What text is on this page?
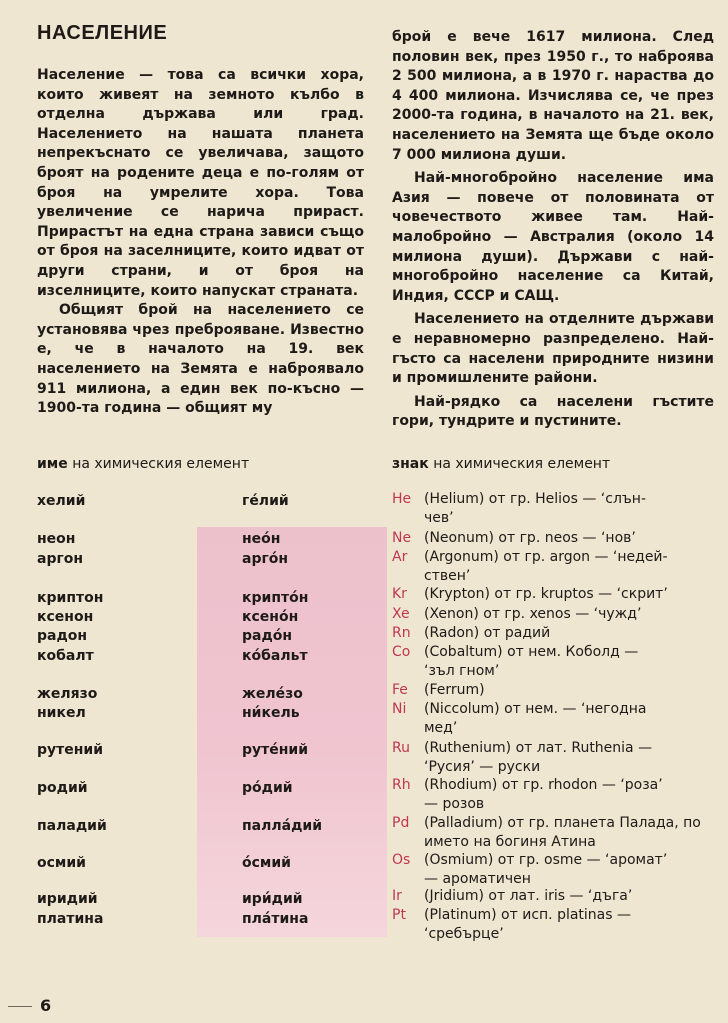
НАСЕЛЕНИЕ

Население — това са всички хора, които живеят на земното кълбо в отделна държава или град. Населението на нашата планета непрекъснато се увеличава, защото броят на родените деца е по-голям от броя на умрелите хора. Това увеличение се нарича прираст. Прирастът на една страна зависи също от броя на заселниците, които идват от други страни, и от броя на изселниците, които напускат страната.

Общият брой на населението се установява чрез преброяване. Известно е, че в началото на 19. век населението на Земята е наброявало 911 милиона, а един век по-късно — 1900-та година — общият му

брой е вече 1617 милиона. След половин век, през 1950 г., то наброява 2 500 милиона, а в 1970 г. нараства до 4 400 милиона. Изчислява се, че през 2000-та година, в началото на 21. век, населението на Земята ще бъде около 7 000 милиона души.

Най-многобройно население има Азия — повече от половината от човечеството живее там. Най-малобройно — Австралия (около 14 милиона души). Държави с най-многобройно население са Китай, Индия, СССР и САЩ.

Населението на отделните държави е неравномерно разпределено. Най-гъсто са населени природните низини и промишлените райони.

Най-рядко са населени гъстите гори, тундрите и пустините.

име на химическия елемент	знак на химическия елемент
хелий	ге́лий	He (Helium) от гр. Helios — ‘слън-
чев’
неон	нео́н	Ne (Neonum) от гр. neos — ‘нов’
аргон	арго́н	Ar (Argonum) от гр. argon — ‘недей-
ствен’
криптон	крипто́н	Kr (Krypton) от гр. kruptos — ‘скрит’
ксенон	ксено́н	Xe (Xenon) от гр. xenos — ‘чужд’
радон	радо́н	Rn (Radon) от радий
кобалт	ко́бальт	Co (Cobaltum) от нем. Коболд —
‘зъл гном’
желязо	желе́зо	Fe (Ferrum)
никел	ни́кель	Ni (Niccolum) от нем. — ‘негодна
мед’
рутений	руте́ний	Ru (Ruthenium) от лат. Ruthenia —
‘Русия’ — руски
родий	ро́дий	Rh (Rhodium) от гр. rhodon — ‘роза’
— розов
паладий	палла́дий	Pd (Palladium) от гр. планета Палада, по името на богиня Атина
осмий	о́смий	Os (Osmium) от гр. osme — ‘аромат’
— ароматичен
иридий	ири́дий	Ir (Jridium) от лат. iris — ‘дъга’
платина	пла́тина	Pt (Platinum) от исп. platinas —
‘сребърце’
6
